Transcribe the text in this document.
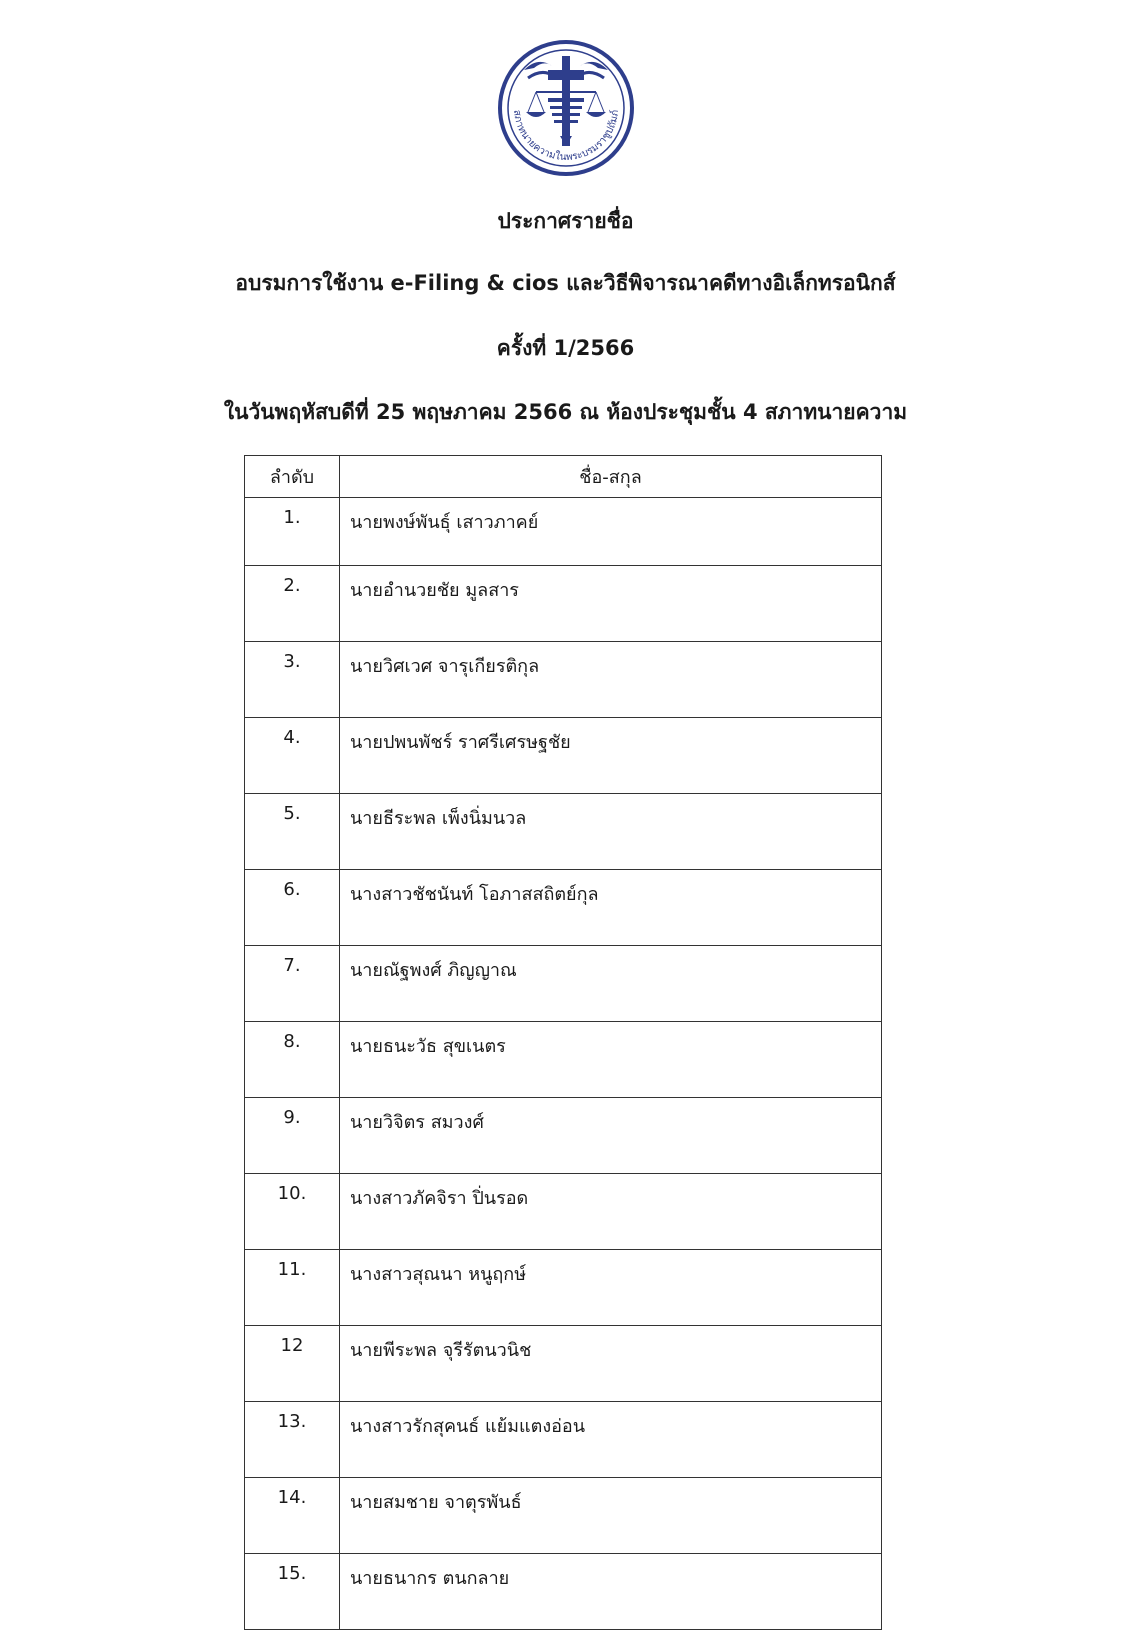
สภาทนายความในพระบรมราชูปถัมภ์
ประกาศรายชื่อ
อบรมการใช้งาน e-Filing & cios และวิธีพิจารณาคดีทางอิเล็กทรอนิกส์
ครั้งที่ 1/2566
ในวันพฤหัสบดีที่ 25 พฤษภาคม 2566 ณ ห้องประชุมชั้น 4 สภาทนายความ
ลำดับ	ชื่อ-สกุล
1.	นายพงษ์พันธุ์ เสาวภาคย์
2.	นายอำนวยชัย มูลสาร
3.	นายวิศเวศ จารุเกียรติกุล
4.	นายปพนพัชร์ ราศรีเศรษฐชัย
5.	นายธีระพล เพ็งนิ่มนวล
6.	นางสาวชัชนันท์ โอภาสสถิตย์กุล
7.	นายณัฐพงศ์ ภิญญาณ
8.	นายธนะวัธ สุขเนตร
9.	นายวิจิตร สมวงศ์
10.	นางสาวภัคจิรา ปิ่นรอด
11.	นางสาวสุณนา หนูฤกษ์
12	นายพีระพล จุรีรัตนวนิช
13.	นางสาวรักสุคนธ์ แย้มแตงอ่อน
14.	นายสมชาย จาตุรพันธ์
15.	นายธนากร ตนกลาย
